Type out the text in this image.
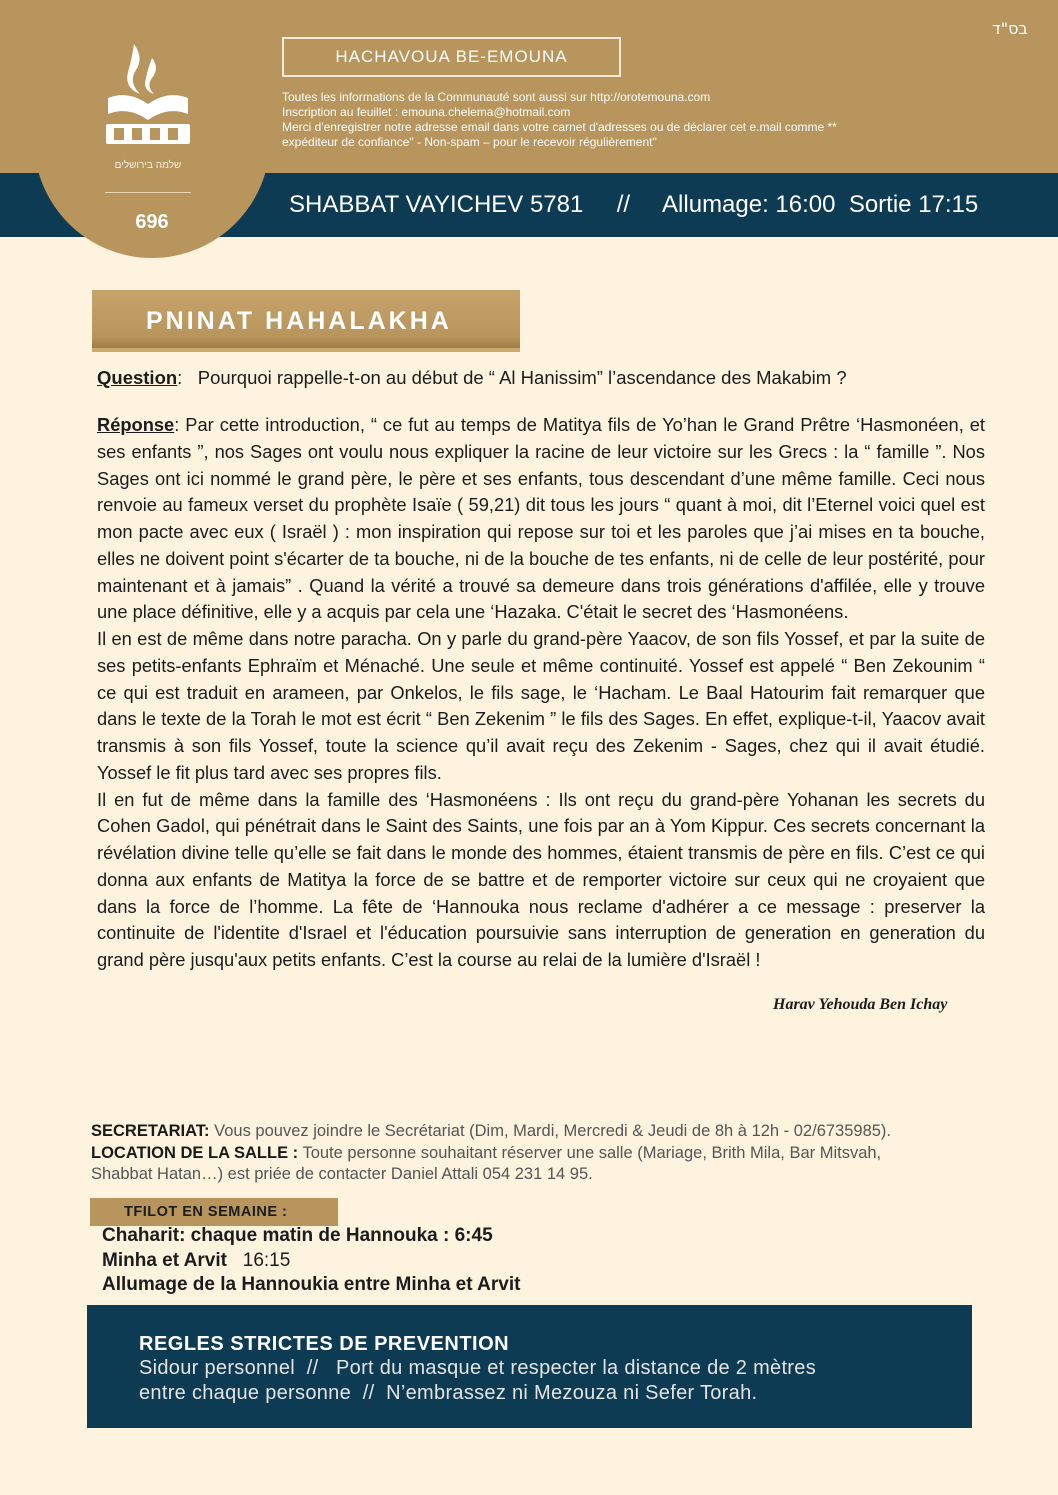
שלמה בירושלים
696
בס"ד
HACHAVOUA BE-EMOUNA

Toutes les informations de la Communauté sont aussi sur http://orotemouna.com

Inscription au feuillet : emouna.chelema@hotmail.com

Merci d'enregistrer notre adresse email dans votre carnet d'adresses ou de déclarer cet e.mail comme **

expéditeur de confiance" - Non-spam – pour le recevoir régulièrement"

SHABBAT VAYICHEV 5781     //     Allumage: 16:00  Sortie 17:15
PNINAT HAHALAKHA
Question:   Pourquoi rappelle-t-on au début de “ Al Hanissim” l’ascendance des Makabim ?
Réponse: Par cette introduction, “ ce fut au temps de Matitya fils de Yo’han le Grand Prêtre ‘Hasmonéen, et ses enfants ”, nos Sages ont voulu nous expliquer la racine de leur victoire sur les Grecs : la “ famille ”. Nos Sages ont ici nommé le grand père, le père et ses enfants, tous descendant d’une même famille. Ceci nous renvoie au fameux verset du prophète Isaïe ( 59,21) dit tous les jours “ quant à moi, dit l’Eternel voici quel est mon pacte avec eux ( Israël ) : mon inspiration qui repose sur toi et les paroles que j’ai mises en ta bouche, elles ne doivent point s'écarter de ta bouche, ni de la bouche de tes enfants, ni de celle de leur postérité, pour maintenant et à jamais” . Quand la vérité a trouvé sa demeure dans trois générations d'affilée, elle y trouve une place définitive, elle y a acquis par cela une ‘Hazaka. C'était le secret des ‘Hasmonéens.
Il en est de même dans notre paracha. On y parle du grand-père Yaacov, de son fils Yossef, et par la suite de ses petits-enfants Ephraïm et Ménaché. Une seule et même continuité. Yossef est appelé “ Ben Zekounim “ ce qui est traduit en arameen, par Onkelos, le fils sage, le ‘Hacham. Le Baal Hatourim fait remarquer que dans le texte de la Torah le mot est écrit “ Ben Zekenim ” le fils des Sages. En effet, explique-t-il, Yaacov avait transmis à son fils Yossef, toute la science qu’il avait reçu des Zekenim - Sages, chez qui il avait étudié. Yossef le fit plus tard avec ses propres fils.
Il en fut de même dans la famille des ‘Hasmonéens : Ils ont reçu du grand-père Yohanan les secrets du Cohen Gadol, qui pénétrait dans le Saint des Saints, une fois par an à Yom Kippur. Ces secrets concernant la révélation divine telle qu’elle se fait dans le monde des hommes, étaient transmis de père en fils. C’est ce qui donna aux enfants de Matitya la force de se battre et de remporter victoire sur ceux qui ne croyaient que dans la force de l’homme. La fête de ‘Hannouka nous reclame d'adhérer a ce message : preserver la continuite de l'identite d'Israel et l'éducation poursuivie sans interruption de generation en generation du grand père jusqu'aux petits enfants. C’est la course au relai de la lumière d'Israël !
Harav Yehouda Ben Ichay

SECRETARIAT: Vous pouvez joindre le Secrétariat (Dim, Mardi, Mercredi & Jeudi de 8h à 12h - 02/6735985).

LOCATION DE LA SALLE : Toute personne souhaitant réserver une salle (Mariage, Brith Mila, Bar Mitsvah,

Shabbat Hatan…) est priée de contacter Daniel Attali 054 231 14 95.

TFILOT EN SEMAINE :
Chaharit: chaque matin de Hannouka : 6:45
Minha et Arvit 16:15
Allumage de la Hannoukia entre Minha et Arvit
REGLES STRICTES DE PREVENTION
Sidour personnel  //   Port du masque et respecter la distance de 2 mètres
entre chaque personne  //  N’embrassez ni Mezouza ni Sefer Torah.
